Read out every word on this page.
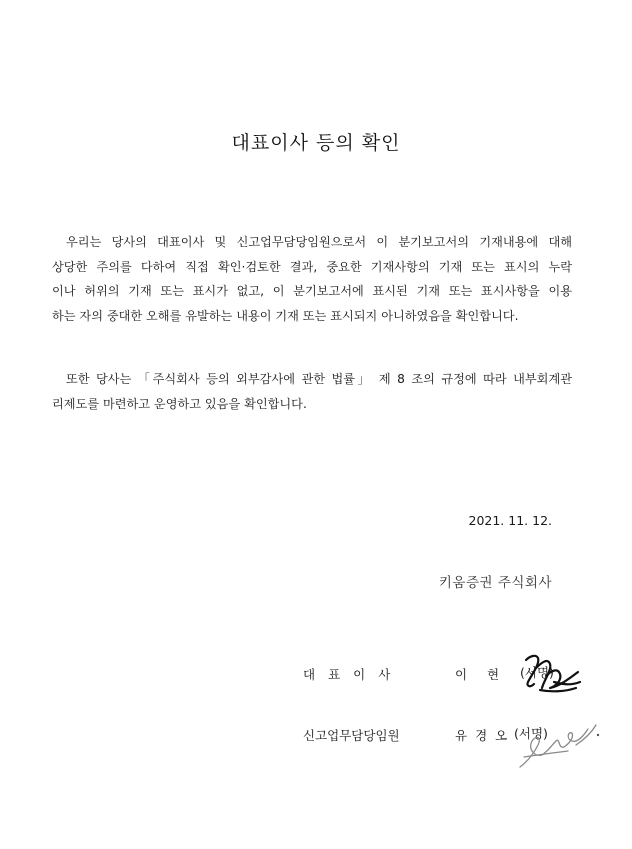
대표이사 등의 확인
우리는 당사의 대표이사 및 신고업무담당임원으로서 이 분기보고서의 기재내용에 대해
상당한 주의를 다하여 직접 확인·검토한 결과, 중요한 기재사항의 기재 또는 표시의 누락
이나 허위의 기재 또는 표시가 없고, 이 분기보고서에 표시된 기재 또는 표시사항을 이용
하는 자의 중대한 오해를 유발하는 내용이 기재 또는 표시되지 아니하였음을 확인합니다.
또한 당사는 「주식회사 등의 외부감사에 관한 법률」 제 8 조의 규정에 따라 내부회계관
리제도를 마련하고 운영하고 있음을 확인합니다.
2021. 11. 12.
키움증권 주식회사
대표이사	이 현 (서명)
신고업무담당임원	유경오
(서명)
